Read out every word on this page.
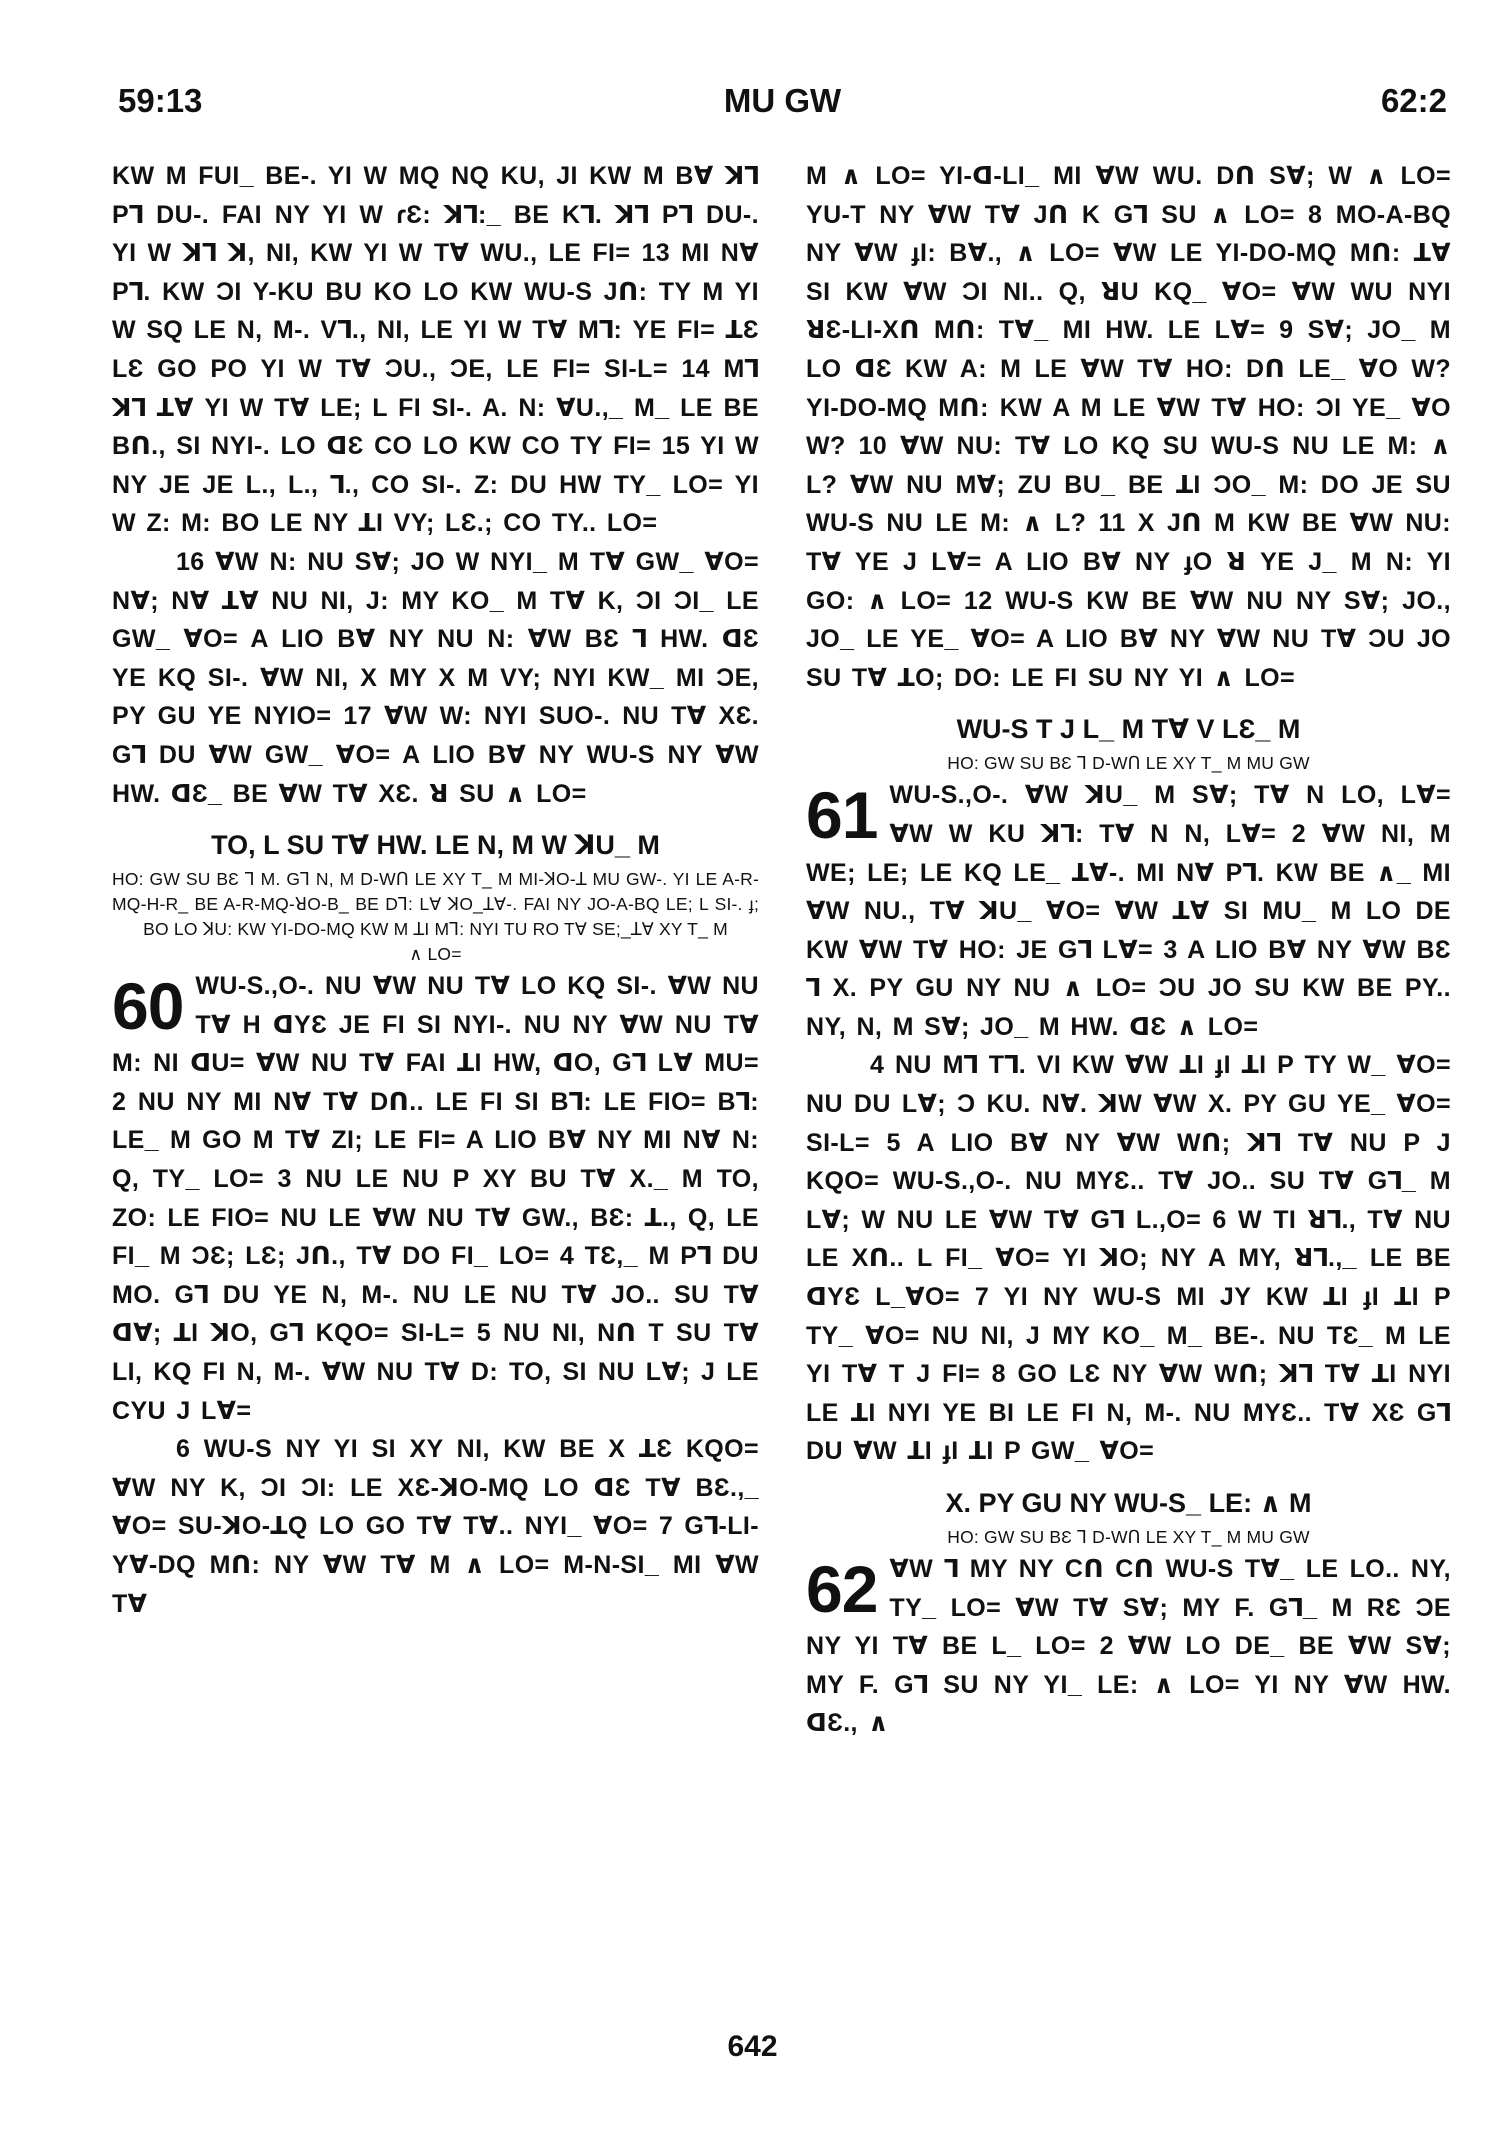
59:13	MU GW	62:2

KW M FUI_ BE-. YI W MQ NQ KU, JI KW M B∀ ꓘꓶ Pꓶ DU-. FAI NY YI W ɾƐ: ꓘꓶ:_ BE Kꓶ. ꓘꓶ Pꓶ DU-. YI W ꓘꓶ ꓘ, NI, KW YI W T∀ WU., LE FI= 13 MI N∀ Pꓶ. KW ƆI Y-KU BU KO LO KW WU-S Jꓵ: TY M YI W SQ LE N, M-. Vꓶ., NI, LE YI W T∀ Mꓶ: YE FI= ꓕƐ LƐ GO PO YI W T∀ ƆU., ƆE, LE FI= SI-L= 14 Mꓶ ꓘꓶ ꓕ∀ YI W T∀ LE; L FI SI-. A. N: ∀U.,_ M_ LE BE Bꓵ., SI NYI-. LO ꓷƐ CO LO KW CO TY FI= 15 YI W NY JE JE L., L., ꓶ., CO SI-. Z: DU HW TY_ LO= YI W Z: M: BO LE NY ꓕI VY; LƐ.; CO TY.. LO=

16 ∀W N: NU S∀; JO W NYI_ M T∀ GW_ ∀O= N∀; N∀ ꓕ∀ NU NI, J: MY KO_ M T∀ K, ƆI ƆI_ LE GW_ ∀O= A LIO B∀ NY NU N: ∀W BƐ ꓶ HW. ꓷƐ YE KQ SI-. ∀W NI, X MY X M VY; NYI KW_ MI ƆE, PY GU YE NYIO= 17 ∀W W: NYI SUO-. NU T∀ XƐ. Gꓶ DU ∀W GW_ ∀O= A LIO B∀ NY WU-S NY ∀W HW. ꓷƐ_ BE ∀W T∀ XƐ. ꓤ SU ∧ LO=

TO, L SU T∀ HW. LE N, M W ꓘU_ M
HO: GW SU BƐ ꓶ M. Gꓶ N, M D-Wꓵ LE XY T_ M MI-ꓘO-ꓕ MU GW-. YI LE A-R-MQ-H-R_ BE A-R-MQ-ꓤO-B_ BE Dꓶ: L∀ ꓘO_ꓕ∀-. FAI NY JO-A-BQ LE; L SI-. ɟ; BO LO ꓘU: KW YI-DO-MQ KW M ꓕI Mꓶ: NYI TU RO T∀ SE;_ꓕ∀ XY T_ M
∧ LO=
60 WU-S.,O-. NU ∀W NU T∀ LO KQ SI-. ∀W NU T∀ H ꓷYƐ JE FI SI NYI-. NU NY ∀W NU T∀ M: NI ꓷU= ∀W NU T∀ FAI ꓕI HW, ꓷO, Gꓶ L∀ MU= 2 NU NY MI N∀ T∀ Dꓵ.. LE FI SI Bꓶ: LE FIO= Bꓶ: LE_ M GO M T∀ ZI; LE FI= A LIO B∀ NY MI N∀ N: Q, TY_ LO= 3 NU LE NU P XY BU T∀ X._ M TO, ZO: LE FIO= NU LE ∀W NU T∀ GW., BƐ: ꓕ., Q, LE FI_ M ƆƐ; LƐ; Jꓵ., T∀ DO FI_ LO= 4 TƐ,_ M Pꓶ DU MO. Gꓶ DU YE N, M-. NU LE NU T∀ JO.. SU T∀ ꓷ∀; ꓕI ꓘO, Gꓶ KQO= SI-L= 5 NU NI, Nꓵ T SU T∀ LI, KQ FI N, M-. ∀W NU T∀ D: TO, SI NU L∀; J LE CYU J L∀=

6 WU-S NY YI SI XY NI, KW BE X ꓕƐ KQO= ∀W NY K, ƆI ƆI: LE XƐ-ꓘO-MQ LO ꓷƐ T∀ BƐ.,_ ∀O= SU-ꓘO-ꓕQ LO GO T∀ T∀.. NYI_ ∀O= 7 Gꓶ-LI-Y∀-DQ Mꓵ: NY ∀W T∀ M ∧ LO= M-N-SI_ MI ∀W T∀

M ∧ LO= YI-ꓷ-LI_ MI ∀W WU. Dꓵ S∀; W ∧ LO= YU-T NY ∀W T∀ Jꓵ K Gꓶ SU ∧ LO= 8 MO-A-BQ NY ∀W ɟI: B∀., ∧ LO= ∀W LE YI-DO-MQ Mꓵ: ꓕ∀ SI KW ∀W ƆI NI.. Q, ꓤU KQ_ ∀O= ∀W WU NYI ꓤƐ-LI-Xꓵ Mꓵ: T∀_ MI HW. LE L∀= 9 S∀; JO_ M LO ꓷƐ KW A: M LE ∀W T∀ HO: Dꓵ LE_ ∀O W? YI-DO-MQ Mꓵ: KW A M LE ∀W T∀ HO: ƆI YE_ ∀O W? 10 ∀W NU: T∀ LO KQ SU WU-S NU LE M: ∧ L? ∀W NU M∀; ZU BU_ BE ꓕI ƆO_ M: DO JE SU WU-S NU LE M: ∧ L? 11 X Jꓵ M KW BE ∀W NU: T∀ YE J L∀= A LIO B∀ NY ɟO ꓤ YE J_ M N: YI GO: ∧ LO= 12 WU-S KW BE ∀W NU NY S∀; JO., JO_ LE YE_ ∀O= A LIO B∀ NY ∀W NU T∀ ƆU JO SU T∀ ꓕO; DO: LE FI SU NY YI ∧ LO=

WU-S T J L_ M T∀ V LƐ_ M
HO: GW SU BƐ ꓶ D-Wꓵ LE XY T_ M MU GW
61 WU-S.,O-. ∀W ꓘU_ M S∀; T∀ N LO, L∀= ∀W W KU ꓘꓶ: T∀ N N, L∀= 2 ∀W NI, M WE; LE; LE KQ LE_ ꓕ∀-. MI N∀ Pꓶ. KW BE ∧_ MI ∀W NU., T∀ ꓘU_ ∀O= ∀W ꓕ∀ SI MU_ M LO DE KW ∀W T∀ HO: JE Gꓶ L∀= 3 A LIO B∀ NY ∀W BƐ ꓶ X. PY GU NY NU ∧ LO= ƆU JO SU KW BE PY.. NY, N, M S∀; JO_ M HW. ꓷƐ ∧ LO=

4 NU Mꓶ Tꓶ. VI KW ∀W ꓕI ɟI ꓕI P TY W_ ∀O= NU DU L∀; Ɔ KU. N∀. ꓘW ∀W X. PY GU YE_ ∀O= SI-L= 5 A LIO B∀ NY ∀W Wꓵ; ꓘꓶ T∀ NU P J KQO= WU-S.,O-. NU MYƐ.. T∀ JO.. SU T∀ Gꓶ_ M L∀; W NU LE ∀W T∀ Gꓶ L.,O= 6 W TI ꓤꓶ., T∀ NU LE Xꓵ.. L FI_ ∀O= YI ꓘO; NY A MY, ꓤꓶ.,_ LE BE ꓷYƐ L_∀O= 7 YI NY WU-S MI JY KW ꓕI ɟI ꓕI P TY_ ∀O= NU NI, J MY KO_ M_ BE-. NU TƐ_ M LE YI T∀ T J FI= 8 GO LƐ NY ∀W Wꓵ; ꓘꓶ T∀ ꓕI NYI LE ꓕI NYI YE BI LE FI N, M-. NU MYƐ.. T∀ XƐ Gꓶ DU ∀W ꓕI ɟI ꓕI P GW_ ∀O=

X. PY GU NY WU-S_ LE: ∧ M
HO: GW SU BƐ ꓶ D-Wꓵ LE XY T_ M MU GW
62 ∀W ꓶ MY NY Cꓵ Cꓵ WU-S T∀_ LE LO.. NY, TY_ LO= ∀W T∀ S∀; MY F. Gꓶ_ M RƐ ƆE NY YI T∀ BE L_ LO= 2 ∀W LO DE_ BE ∀W S∀; MY F. Gꓶ SU NY YI_ LE: ∧ LO= YI NY ∀W HW. ꓷƐ., ∧

642
